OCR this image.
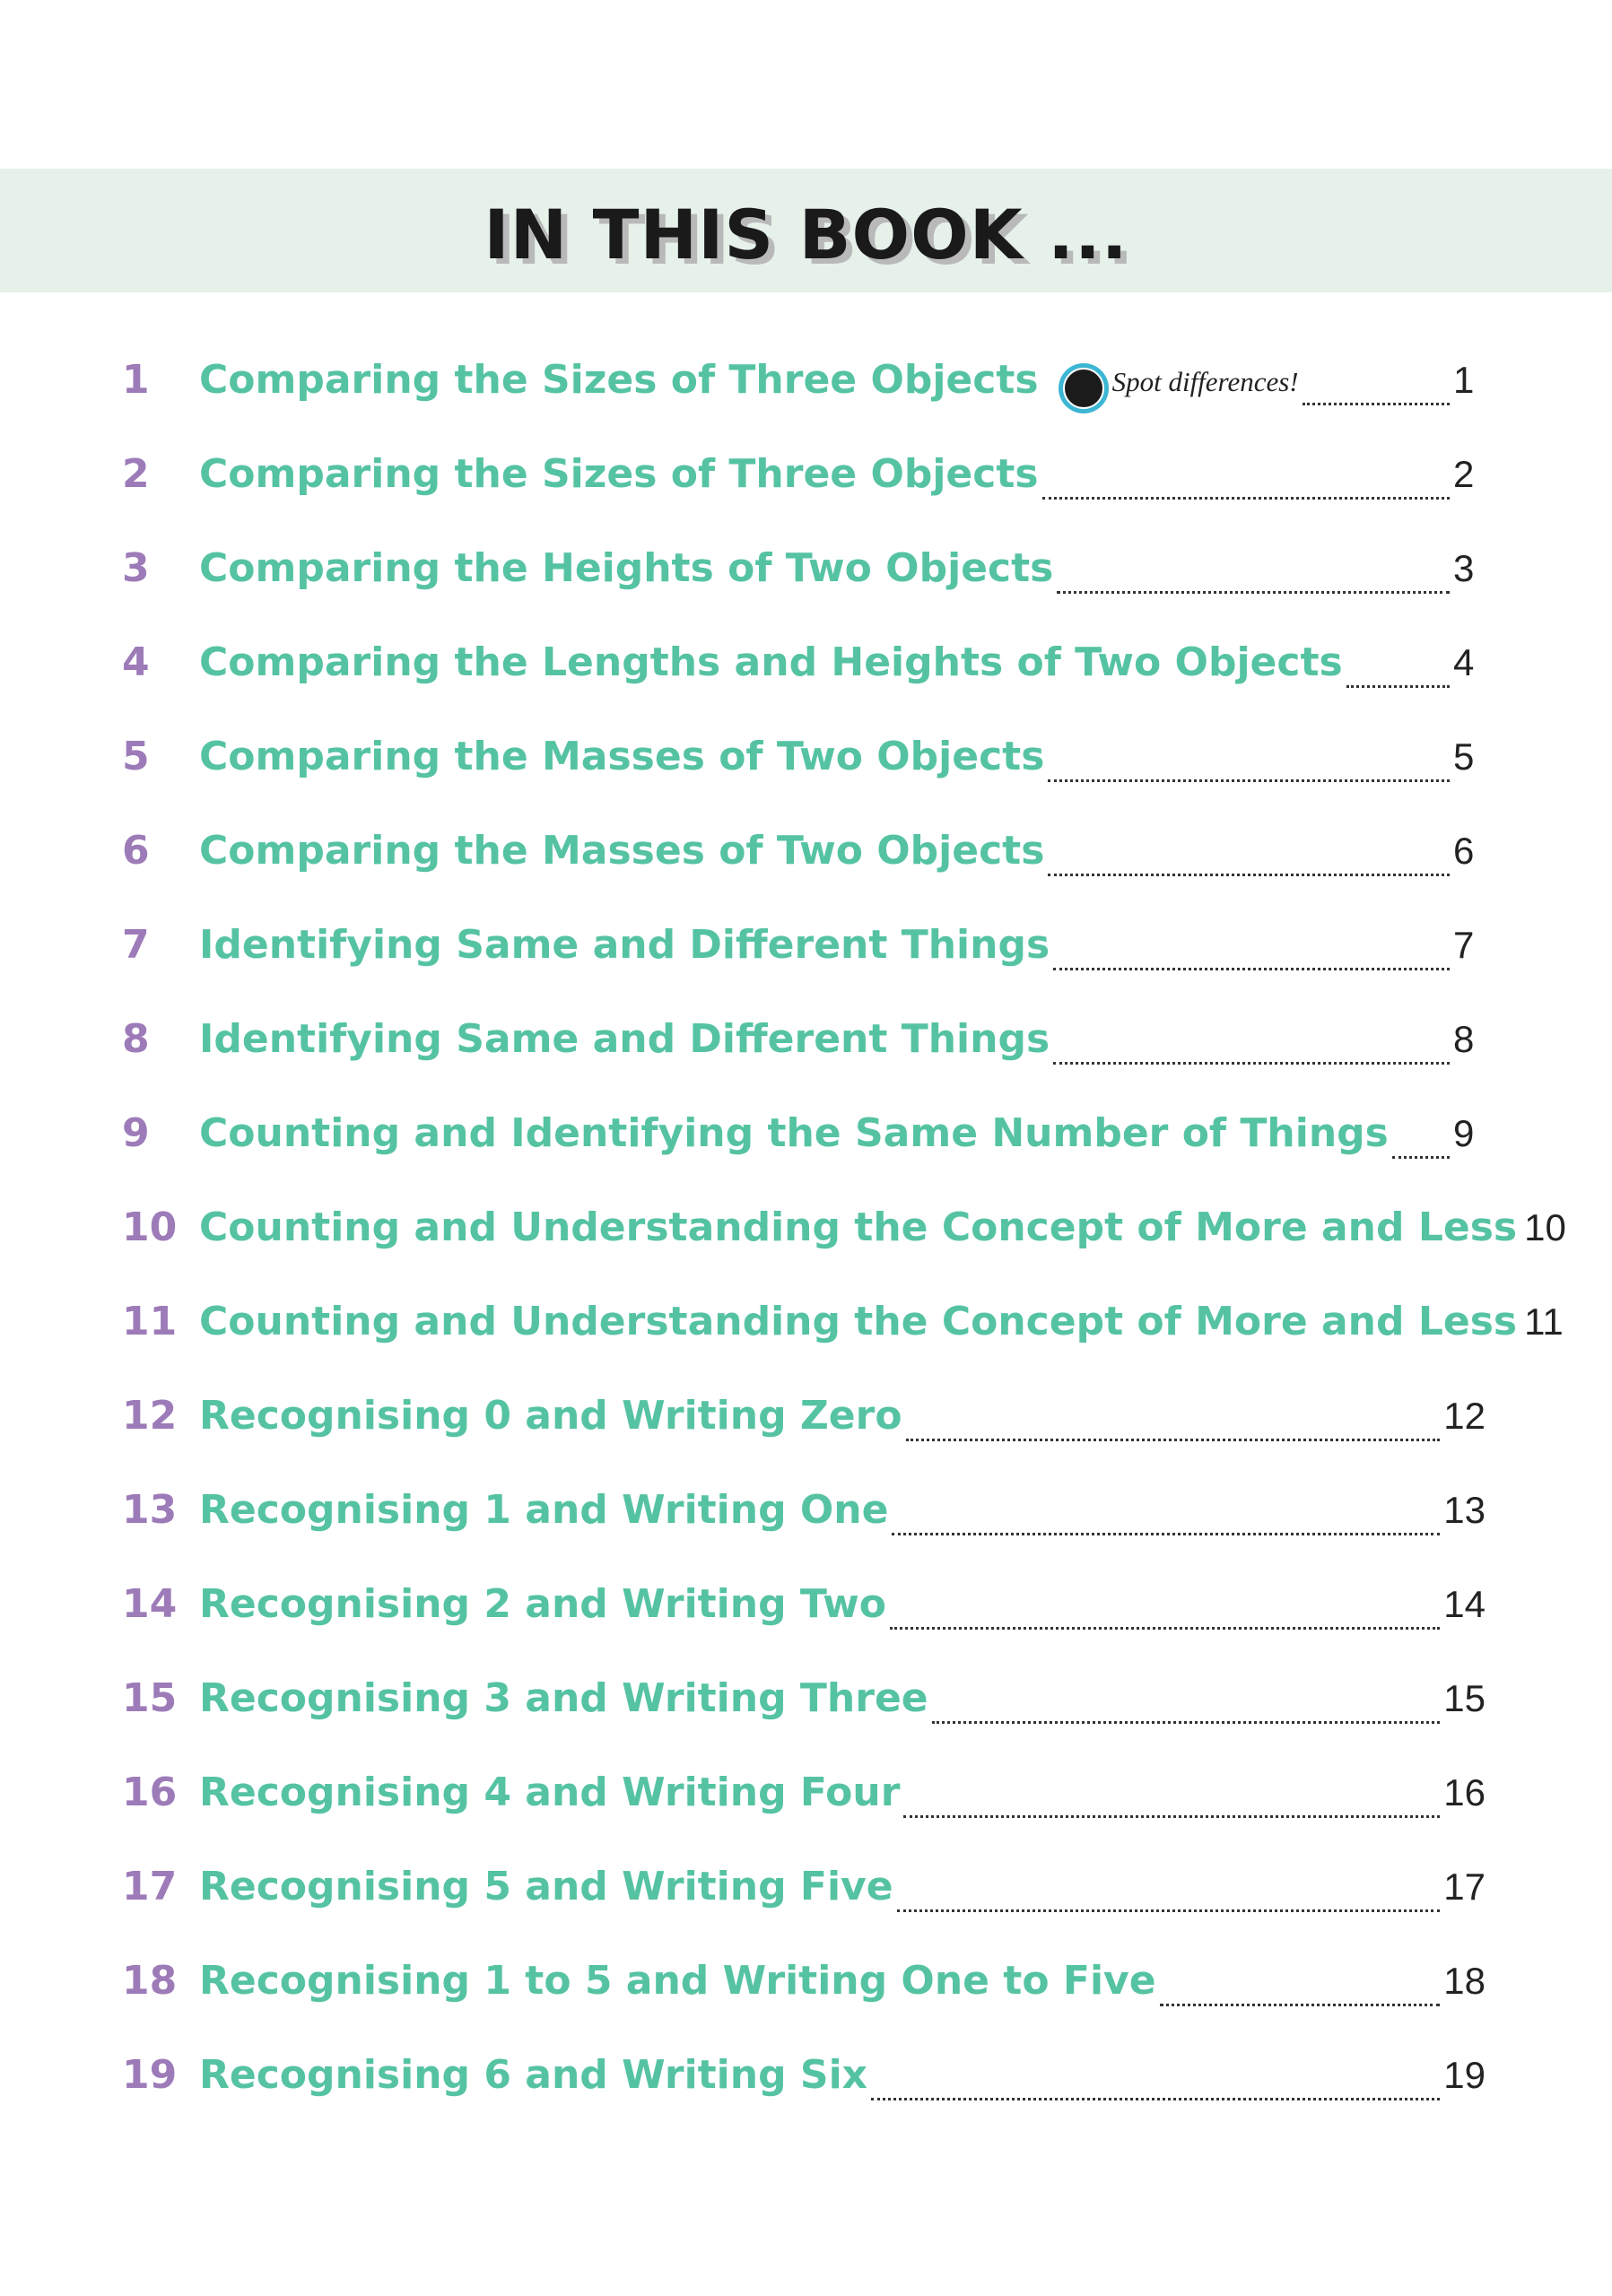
IN THIS BOOK ...
1	Comparing the Sizes of Three Objects	Spot differences!	1
2	Comparing the Sizes of Three Objects	2
3	Comparing the Heights of Two Objects	3
4	Comparing the Lengths and Heights of Two Objects	4
5	Comparing the Masses of Two Objects	5
6	Comparing the Masses of Two Objects	6
7	Identifying Same and Different Things	7
8	Identifying Same and Different Things	8
9	Counting and Identifying the Same Number of Things 9
10 Counting and Understanding the Concept of More and Less 10
11 Counting and Understanding the Concept of More and Less 11
12 Recognising 0 and Writing Zero	12
13 Recognising 1 and Writing One	13
14 Recognising 2 and Writing Two	14
15 Recognising 3 and Writing Three	15
16 Recognising 4 and Writing Four	16
17 Recognising 5 and Writing Five	17
18 Recognising 1 to 5 and Writing One to Five	18
19 Recognising 6 and Writing Six	19
